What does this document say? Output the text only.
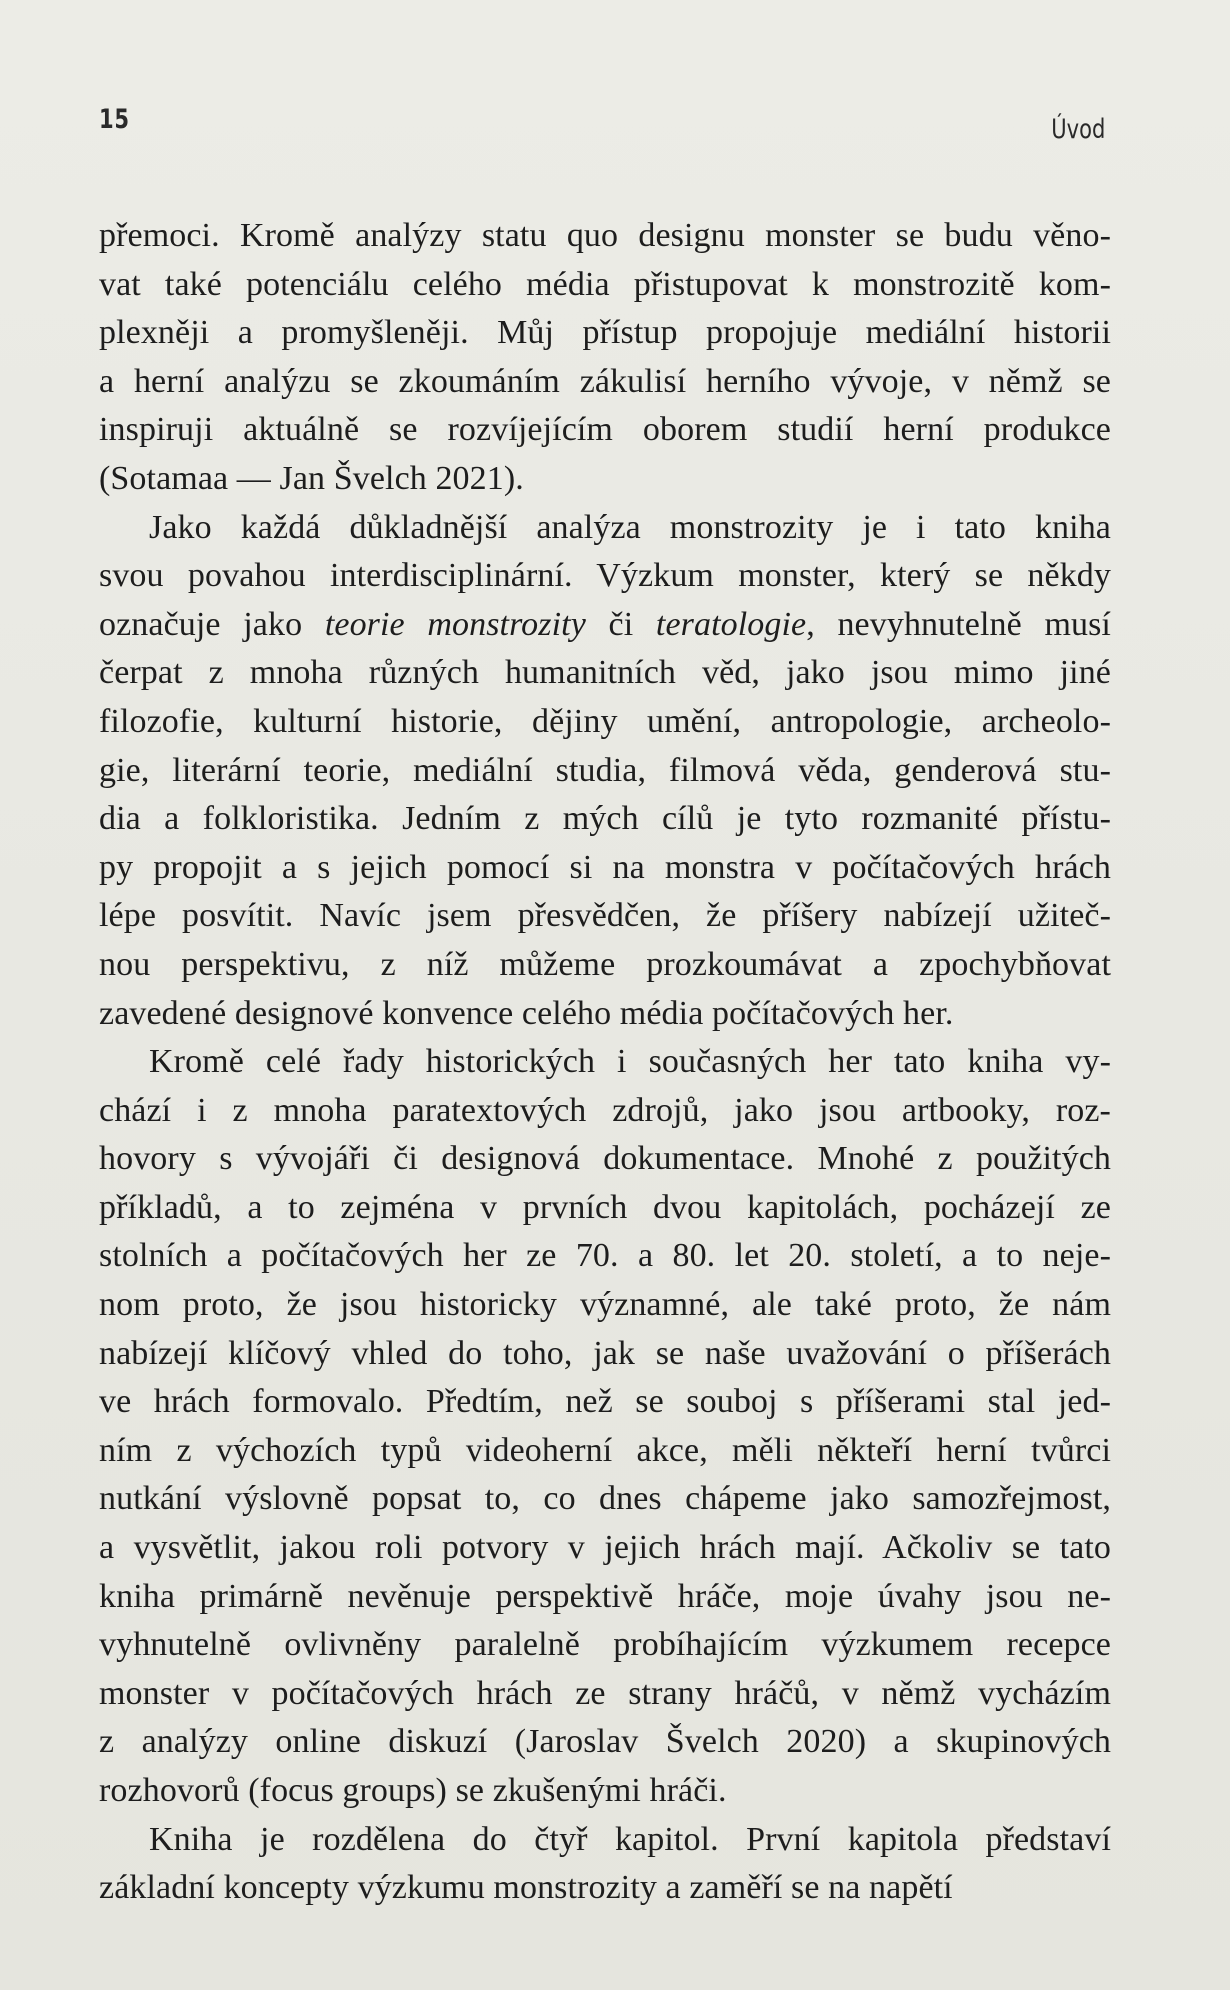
15	Úvod

přemoci. Kromě analýzy statu quo designu monster se budu věno-
vat také potenciálu celého média přistupovat k monstrozitě kom-
plexněji a promyšleněji. Můj přístup propojuje mediální historii
a herní analýzu se zkoumáním zákulisí herního vývoje, v němž se
inspiruji aktuálně se rozvíjejícím oborem studií herní produkce
(Sotamaa — Jan Švelch 2021).

Jako každá důkladnější analýza monstrozity je i tato kniha
svou povahou interdisciplinární. Výzkum monster, který se někdy
označuje jako teorie monstrozity či teratologie, nevyhnutelně musí
čerpat z mnoha různých humanitních věd, jako jsou mimo jiné
filozofie, kulturní historie, dějiny umění, antropologie, archeolo-
gie, literární teorie, mediální studia, filmová věda, genderová stu-
dia a folkloristika. Jedním z mých cílů je tyto rozmanité přístu-
py propojit a s jejich pomocí si na monstra v počítačových hrách
lépe posvítit. Navíc jsem přesvědčen, že příšery nabízejí užiteč-
nou perspektivu, z níž můžeme prozkoumávat a zpochybňovat
zavedené designové konvence celého média počítačových her.

Kromě celé řady historických i současných her tato kniha vy-
chází i z mnoha paratextových zdrojů, jako jsou artbooky, roz-
hovory s vývojáři či designová dokumentace. Mnohé z použitých
příkladů, a to zejména v prvních dvou kapitolách, pocházejí ze
stolních a počítačových her ze 70. a 80. let 20. století, a to neje-
nom proto, že jsou historicky významné, ale také proto, že nám
nabízejí klíčový vhled do toho, jak se naše uvažování o příšerách
ve hrách formovalo. Předtím, než se souboj s příšerami stal jed-
ním z výchozích typů videoherní akce, měli někteří herní tvůrci
nutkání výslovně popsat to, co dnes chápeme jako samozřejmost,
a vysvětlit, jakou roli potvory v jejich hrách mají. Ačkoliv se tato
kniha primárně nevěnuje perspektivě hráče, moje úvahy jsou ne-
vyhnutelně ovlivněny paralelně probíhajícím výzkumem recepce
monster v počítačových hrách ze strany hráčů, v němž vycházím
z analýzy online diskuzí (Jaroslav Švelch 2020) a skupinových
rozhovorů (focus groups) se zkušenými hráči.

Kniha je rozdělena do čtyř kapitol. První kapitola představí
základní koncepty výzkumu monstrozity a zaměří se na napětí
